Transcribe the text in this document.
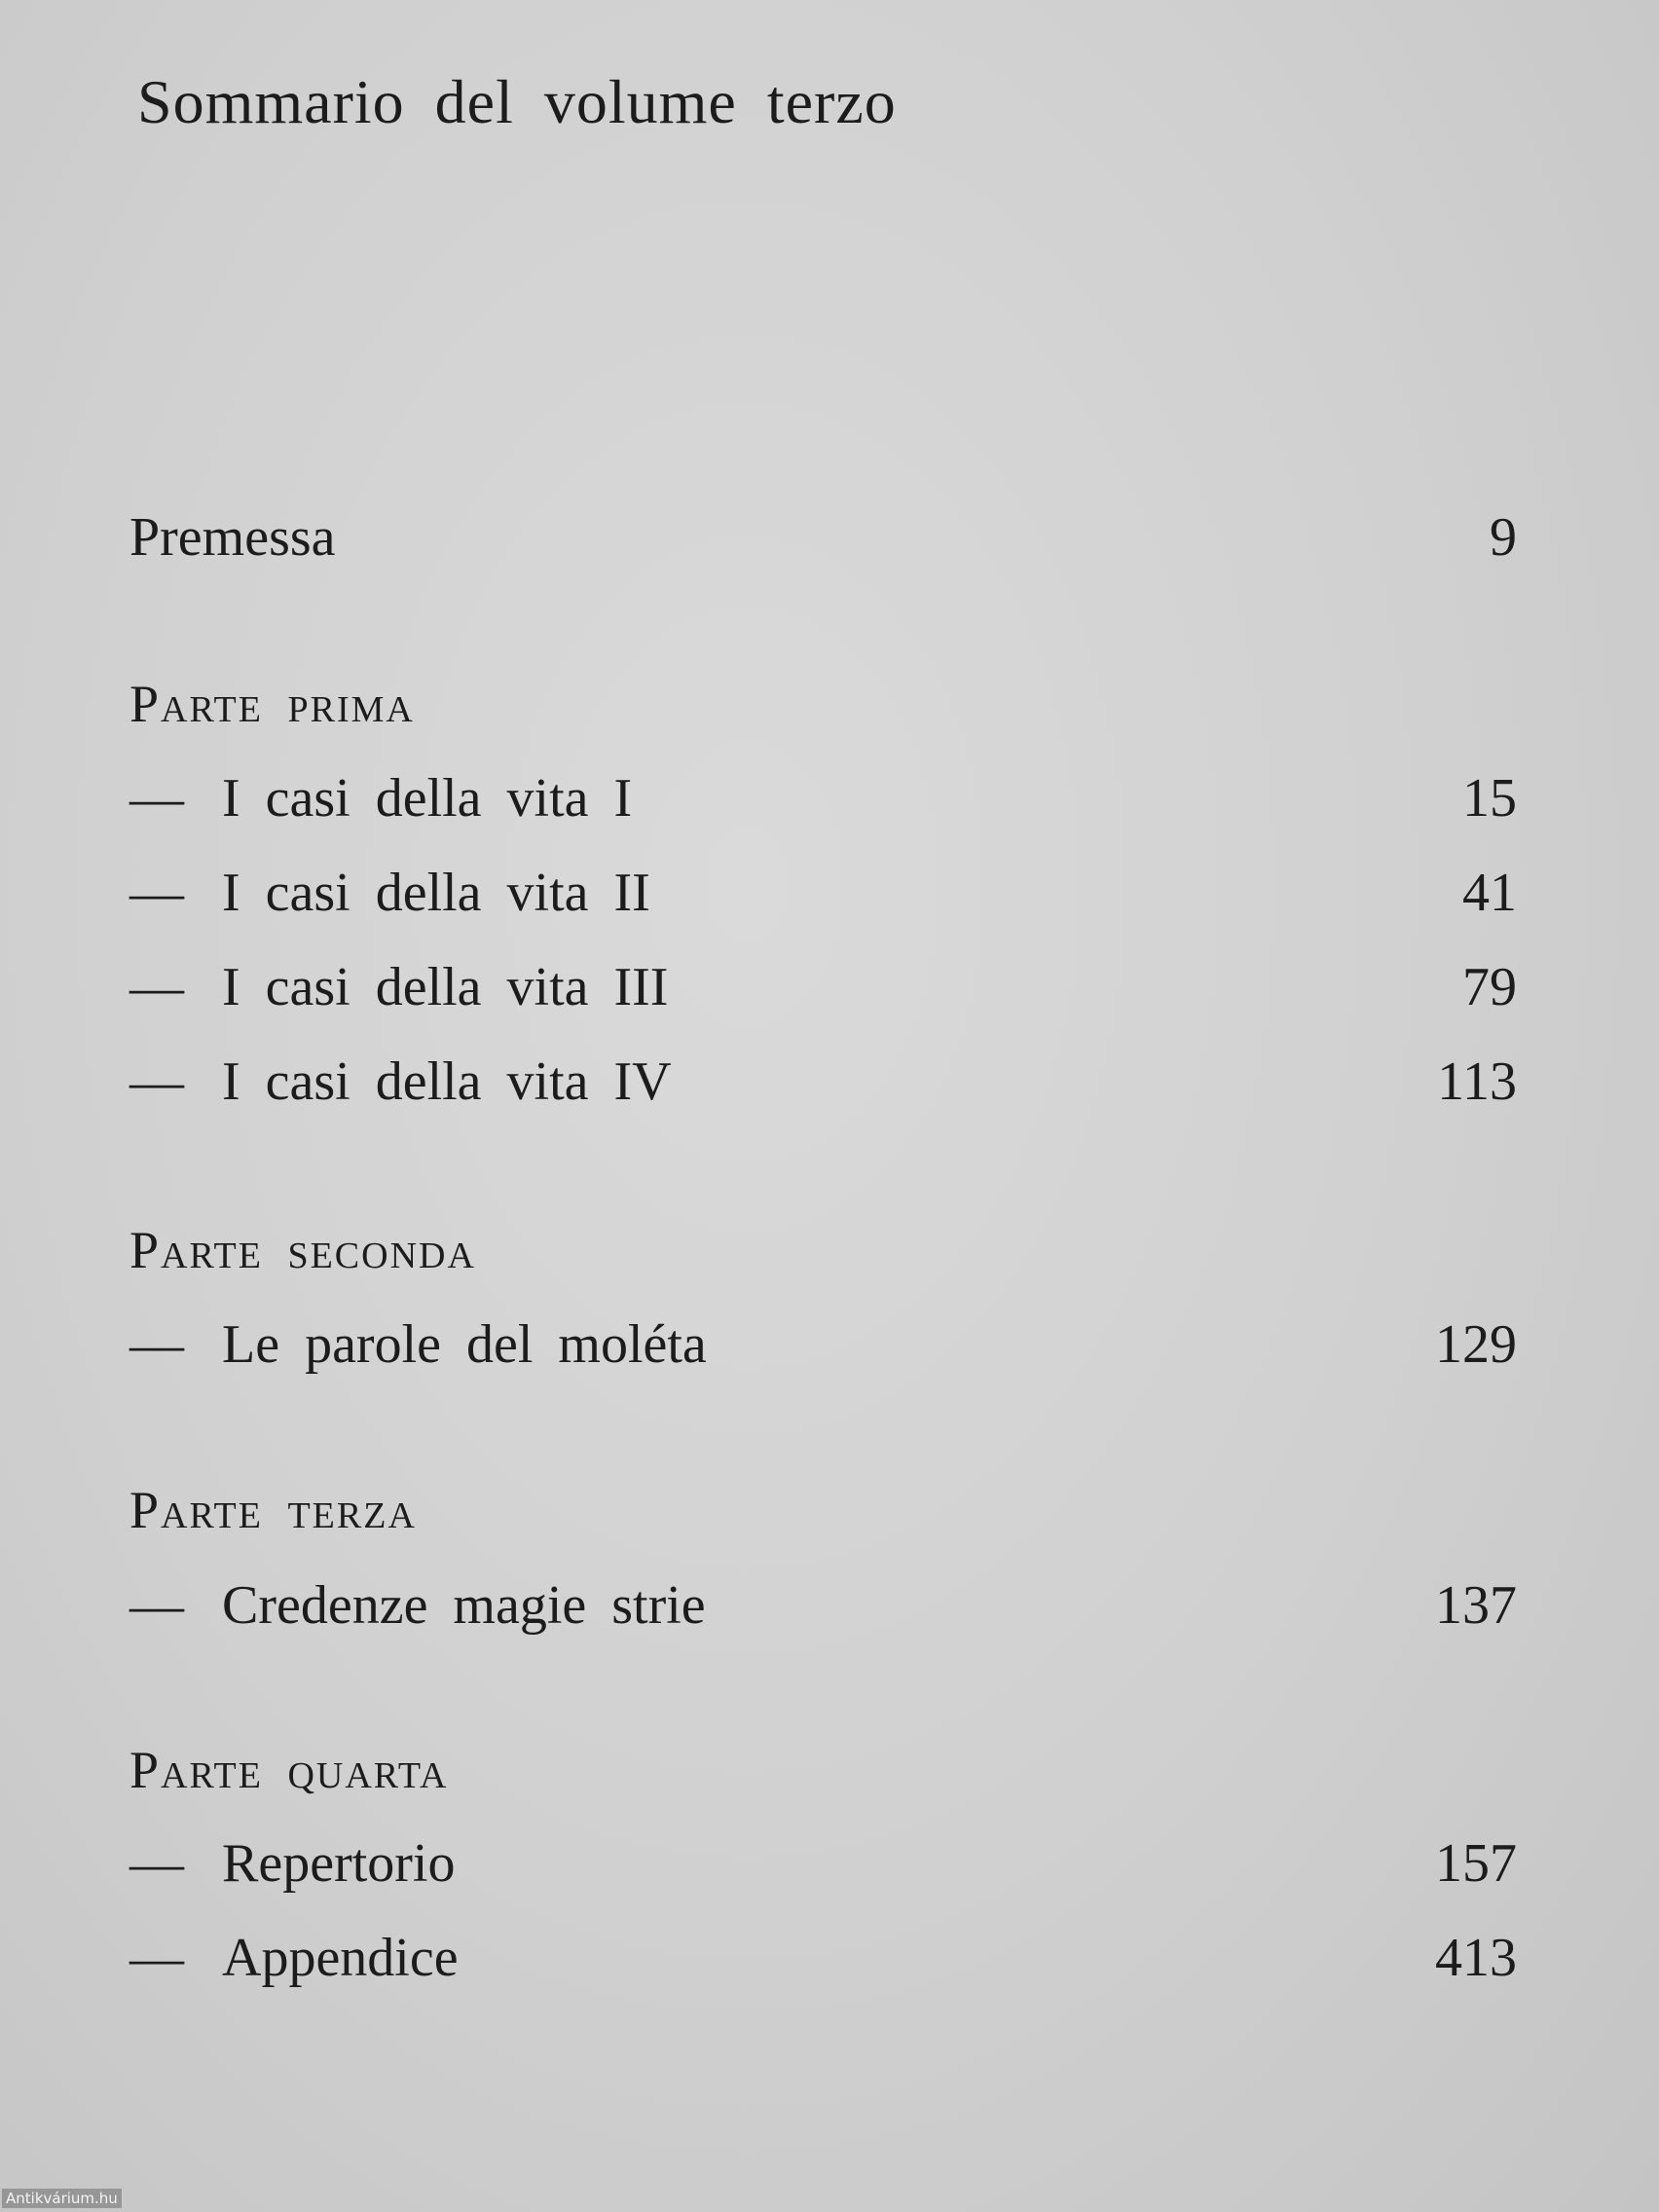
Sommario del volume terzo
Premessa	9
Parte prima
— I casi della vita I	15
— I casi della vita II	41
— I casi della vita III	79
— I casi della vita IV	113
Parte seconda
— Le parole del moléta	129
Parte terza
— Credenze magie strie	137
Parte quarta
— Repertorio	157
— Appendice	413
Antikvárium.hu
